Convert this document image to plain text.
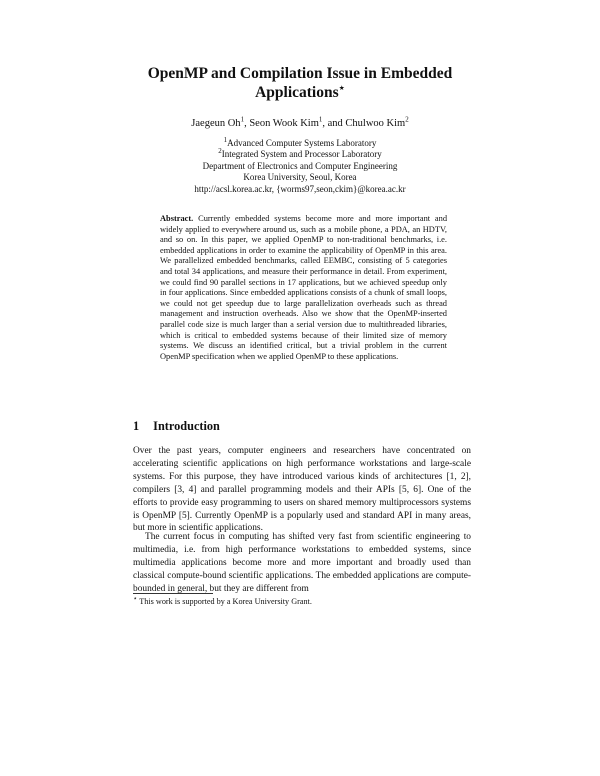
OpenMP and Compilation Issue in Embedded Applications⋆
Jaegeun Oh$^1$, Seon Wook Kim$^1$, and Chulwoo Kim$^2$
$^1$Advanced Computer Systems Laboratory
$^2$Integrated System and Processor Laboratory
Department of Electronics and Computer Engineering
Korea University, Seoul, Korea
http://acsl.korea.ac.kr, {worms97,seon,ckim}@korea.ac.kr

Abstract. Currently embedded systems become more and more important and widely applied to everywhere around us, such as a mobile phone, a PDA, an HDTV, and so on. In this paper, we applied OpenMP to non-traditional benchmarks, i.e. embedded applications in order to examine the applicability of OpenMP in this area. We parallelized embedded benchmarks, called EEMBC, consisting of 5 categories and total 34 applications, and measure their performance in detail. From experiment, we could find 90 parallel sections in 17 applications, but we achieved speedup only in four applications. Since embedded applications consists of a chunk of small loops, we could not get speedup due to large parallelization overheads such as thread management and instruction overheads. Also we show that the OpenMP-inserted parallel code size is much larger than a serial version due to multithreaded libraries, which is critical to embedded systems because of their limited size of memory systems. We discuss an identified critical, but a trivial problem in the current OpenMP specification when we applied OpenMP to these applications.

1 Introduction

Over the past years, computer engineers and researchers have concentrated on accelerating scientific applications on high performance workstations and large-scale systems. For this purpose, they have introduced various kinds of architectures [1, 2], compilers [3, 4] and parallel programming models and their APIs [5, 6]. One of the efforts to provide easy programming to users on shared memory multiprocessors systems is OpenMP [5]. Currently OpenMP is a popularly used and standard API in many areas, but more in scientific applications.

The current focus in computing has shifted very fast from scientific engineering to multimedia, i.e. from high performance workstations to embedded systems, since multimedia applications become more and more important and broadly used than classical compute-bound scientific applications. The embedded applications are compute-bounded in general, but they are different from

⋆ This work is supported by a Korea University Grant.
